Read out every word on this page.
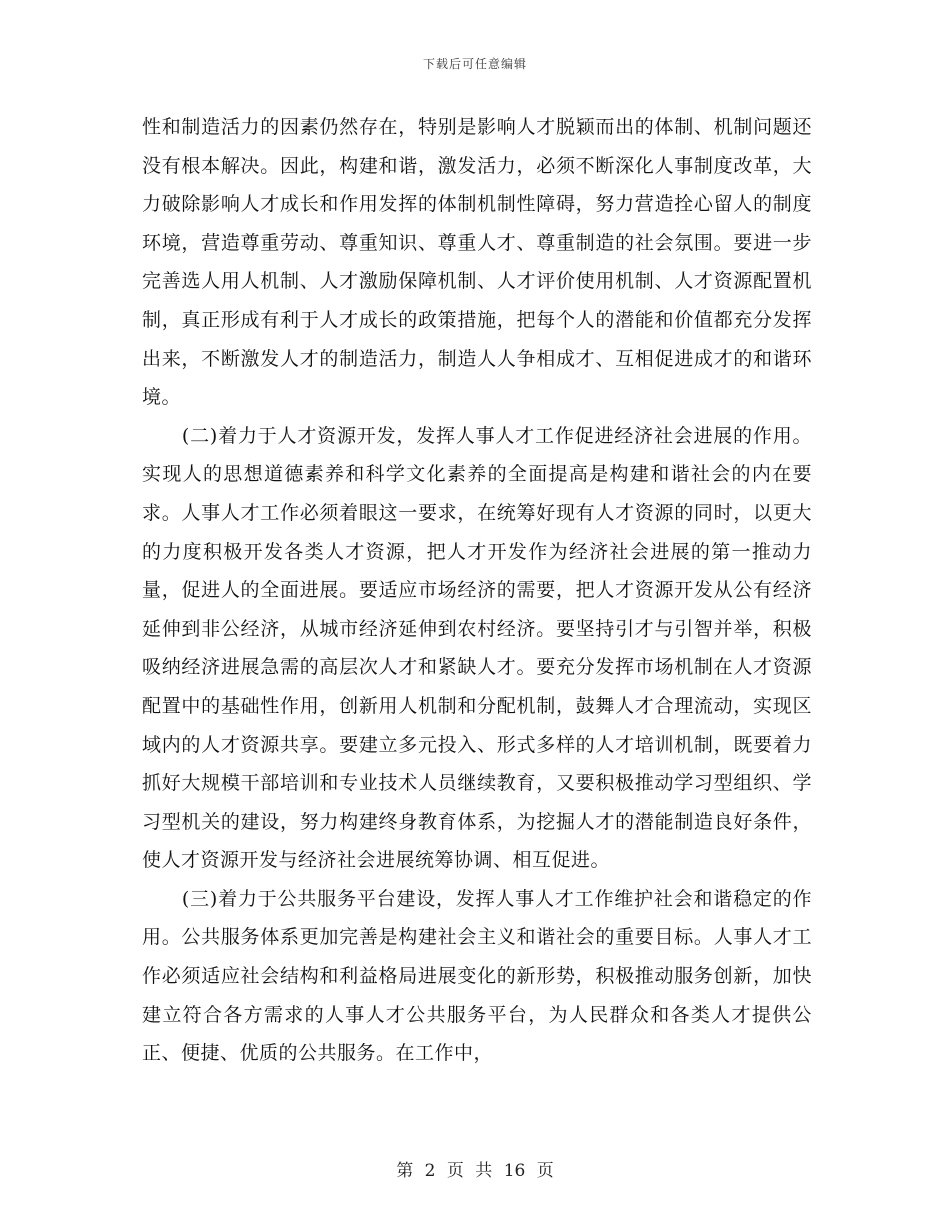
下载后可任意编辑

性和制造活力的因素仍然存在，特别是影响人才脱颖而出的体制、机制问题还没有根本解决。因此，构建和谐，激发活力，必须不断深化人事制度改革，大力破除影响人才成长和作用发挥的体制机制性障碍，努力营造拴心留人的制度环境，营造尊重劳动、尊重知识、尊重人才、尊重制造的社会氛围。要进一步完善选人用人机制、人才激励保障机制、人才评价使用机制、人才资源配置机制，真正形成有利于人才成长的政策措施，把每个人的潜能和价值都充分发挥出来，不断激发人才的制造活力，制造人人争相成才、互相促进成才的和谐环境。

(二)着力于人才资源开发，发挥人事人才工作促进经济社会进展的作用。实现人的思想道德素养和科学文化素养的全面提高是构建和谐社会的内在要求。人事人才工作必须着眼这一要求，在统筹好现有人才资源的同时，以更大的力度积极开发各类人才资源，把人才开发作为经济社会进展的第一推动力量，促进人的全面进展。要适应市场经济的需要，把人才资源开发从公有经济延伸到非公经济，从城市经济延伸到农村经济。要坚持引才与引智并举，积极吸纳经济进展急需的高层次人才和紧缺人才。要充分发挥市场机制在人才资源配置中的基础性作用，创新用人机制和分配机制，鼓舞人才合理流动，实现区域内的人才资源共享。要建立多元投入、形式多样的人才培训机制，既要着力抓好大规模干部培训和专业技术人员继续教育，又要积极推动学习型组织、学习型机关的建设，努力构建终身教育体系，为挖掘人才的潜能制造良好条件，使人才资源开发与经济社会进展统筹协调、相互促进。

(三)着力于公共服务平台建设，发挥人事人才工作维护社会和谐稳定的作用。公共服务体系更加完善是构建社会主义和谐社会的重要目标。人事人才工作必须适应社会结构和利益格局进展变化的新形势，积极推动服务创新，加快建立符合各方需求的人事人才公共服务平台，为人民群众和各类人才提供公正、便捷、优质的公共服务。在工作中，

第 2 页 共 16 页
